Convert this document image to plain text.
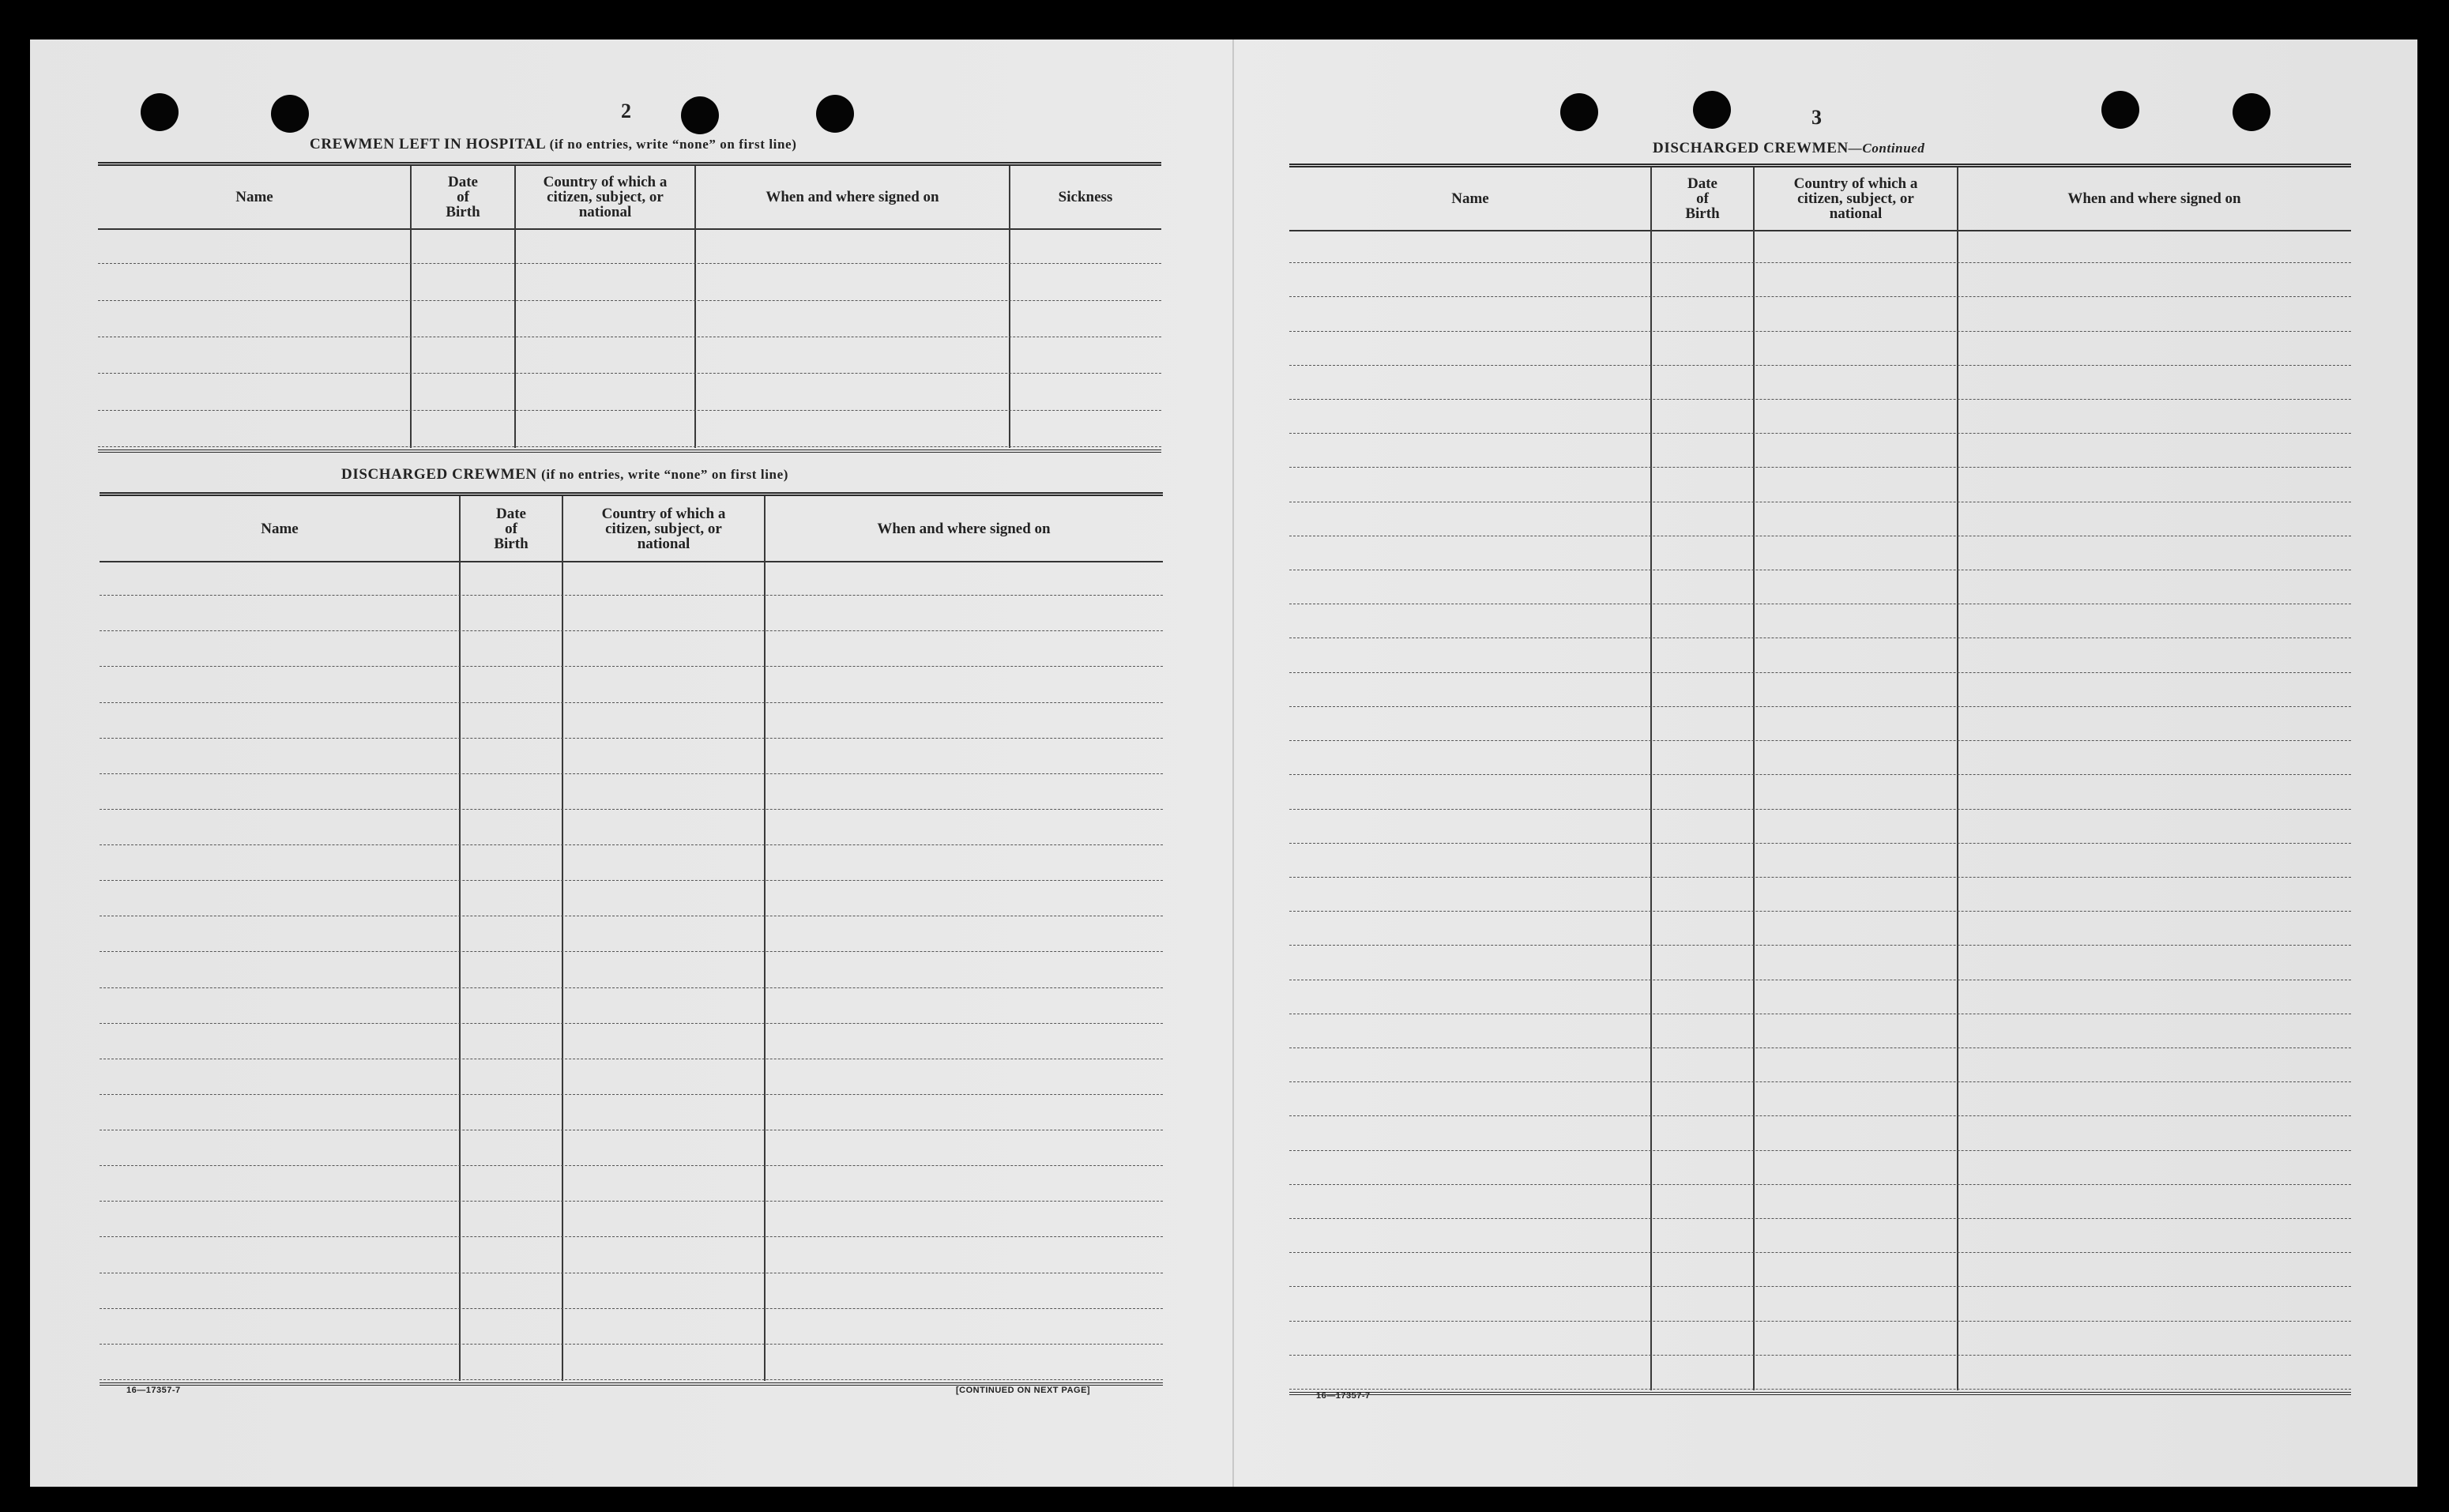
2
CREWMEN LEFT IN HOSPITAL (if no entries, write “none” on first line)
Name
Date
of
Birth
Country of which a
citizen, subject, or
national
When and where signed on	Sickness
DISCHARGED CREWMEN (if no entries, write “none” on first line)
Name
Date
of
Birth
Country of which a
citizen, subject, or
national
When and where signed on
16—17357-7	[CONTINUED ON NEXT PAGE]
3
DISCHARGED CREWMEN—Continued
Name
Date
of
Birth
Country of which a
citizen, subject, or
national
When and where signed on
16—17357-7
